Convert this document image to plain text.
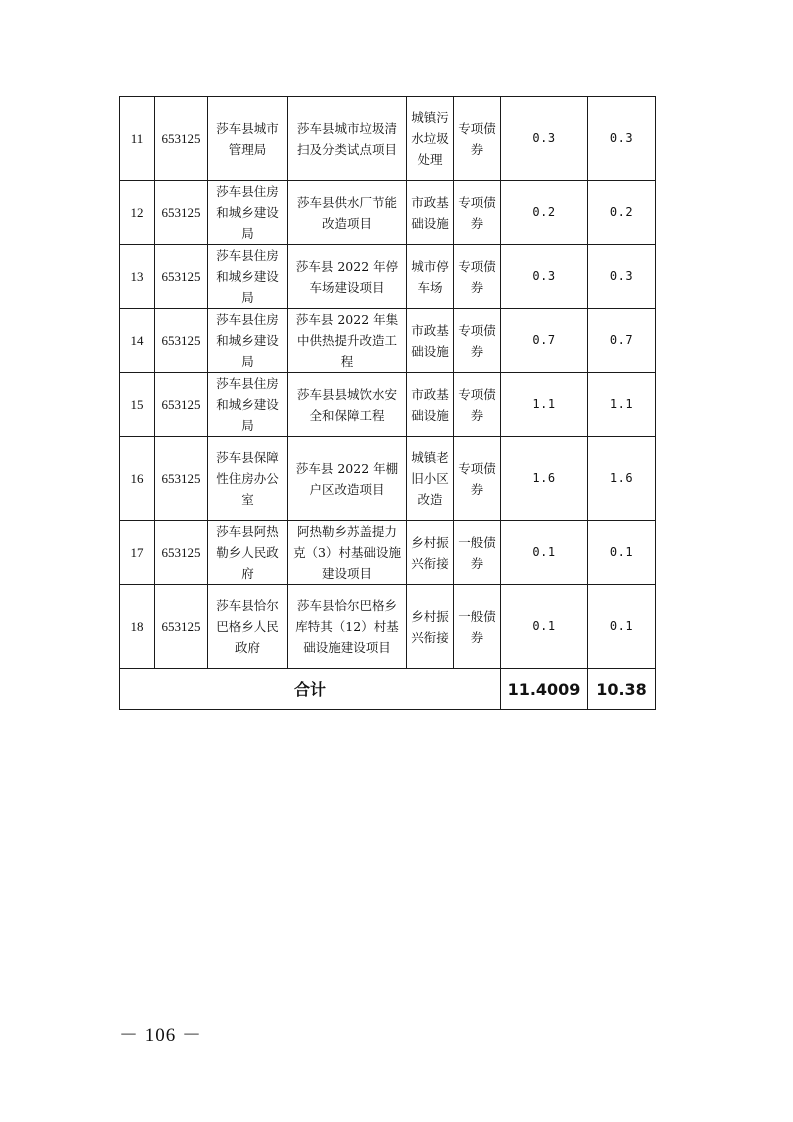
11	653125	莎车县城市管理局	莎车县城市垃圾清扫及分类试点项目	城镇污水垃圾处理	专项债券	0.3	0.3
12	653125	莎车县住房和城乡建设局	莎车县供水厂节能改造项目	市政基础设施	专项债券	0.2	0.2
13	653125	莎车县住房和城乡建设局	莎车县 2022 年停车场建设项目	城市停车场	专项债券	0.3	0.3
14	653125	莎车县住房和城乡建设局	莎车县 2022 年集中供热提升改造工程	市政基础设施	专项债券	0.7	0.7
15	653125	莎车县住房和城乡建设局	莎车县县城饮水安全和保障工程	市政基础设施	专项债券	1.1	1.1
16	653125	莎车县保障性住房办公室	莎车县 2022 年棚户区改造项目	城镇老旧小区改造	专项债券	1.6	1.6
17	653125	莎车县阿热勒乡人民政府	阿热勒乡苏盖提力克（3）村基础设施建设项目	乡村振兴衔接	一般债券	0.1	0.1
18	653125	莎车县恰尔巴格乡人民政府	莎车县恰尔巴格乡库特其（12）村基础设施建设项目	乡村振兴衔接	一般债券	0.1	0.1
合计						11.4009	10.38
－ 106 －
